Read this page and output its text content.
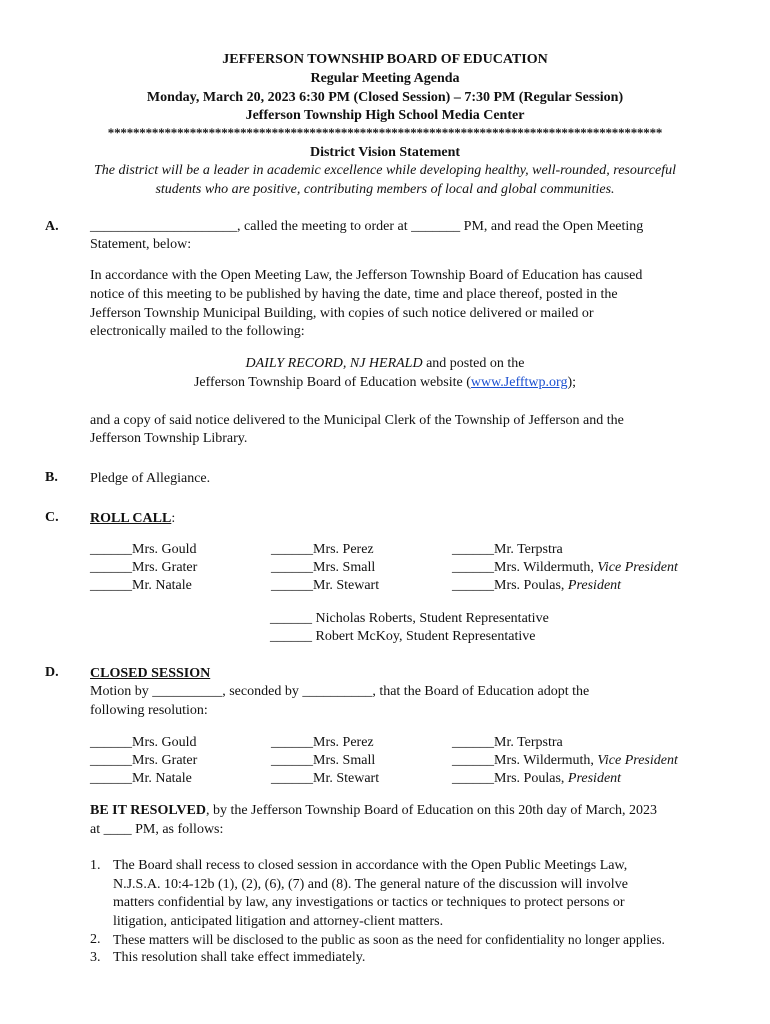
JEFFERSON TOWNSHIP BOARD OF EDUCATION
Regular Meeting Agenda
Monday, March 20, 2023 6:30 PM (Closed Session) – 7:30 PM (Regular Session)
Jefferson Township High School Media Center
****************************************************************************************
District Vision Statement
The district will be a leader in academic excellence while developing healthy, well-rounded, resourceful
students who are positive, contributing members of local and global communities.
A. _____________________, called the meeting to order at _______ PM, and read the Open Meeting
Statement, below:
In accordance with the Open Meeting Law, the Jefferson Township Board of Education has caused
notice of this meeting to be published by having the date, time and place thereof, posted in the
Jefferson Township Municipal Building, with copies of such notice delivered or mailed or
electronically mailed to the following:
DAILY RECORD, NJ HERALD and posted on the
Jefferson Township Board of Education website (www.Jefftwp.org);
and a copy of said notice delivered to the Municipal Clerk of the Township of Jefferson and the
Jefferson Township Library.
B. Pledge of Allegiance.
C. ROLL CALL:
______Mrs. Gould
______Mrs. Grater
______Mr. Natale
______Mrs. Perez
______Mrs. Small
______Mr. Stewart
______Mr. Terpstra
______Mrs. Wildermuth, Vice President
______Mrs. Poulas, President
______ Nicholas Roberts, Student Representative
______ Robert McKoy, Student Representative
D. CLOSED SESSION
Motion by __________, seconded by __________, that the Board of Education adopt the
following resolution:
______Mrs. Gould
______Mrs. Grater
______Mr. Natale
______Mrs. Perez
______Mrs. Small
______Mr. Stewart
______Mr. Terpstra
______Mrs. Wildermuth, Vice President
______Mrs. Poulas, President
BE IT RESOLVED, by the Jefferson Township Board of Education on this 20th day of March, 2023
at ____ PM, as follows:
1. The Board shall recess to closed session in accordance with the Open Public Meetings Law,
N.J.S.A. 10:4-12b (1), (2), (6), (7) and (8). The general nature of the discussion will involve
matters confidential by law, any investigations or tactics or techniques to protect persons or
litigation, anticipated litigation and attorney-client matters.
2. These matters will be disclosed to the public as soon as the need for confidentiality no longer applies.
3. This resolution shall take effect immediately.
